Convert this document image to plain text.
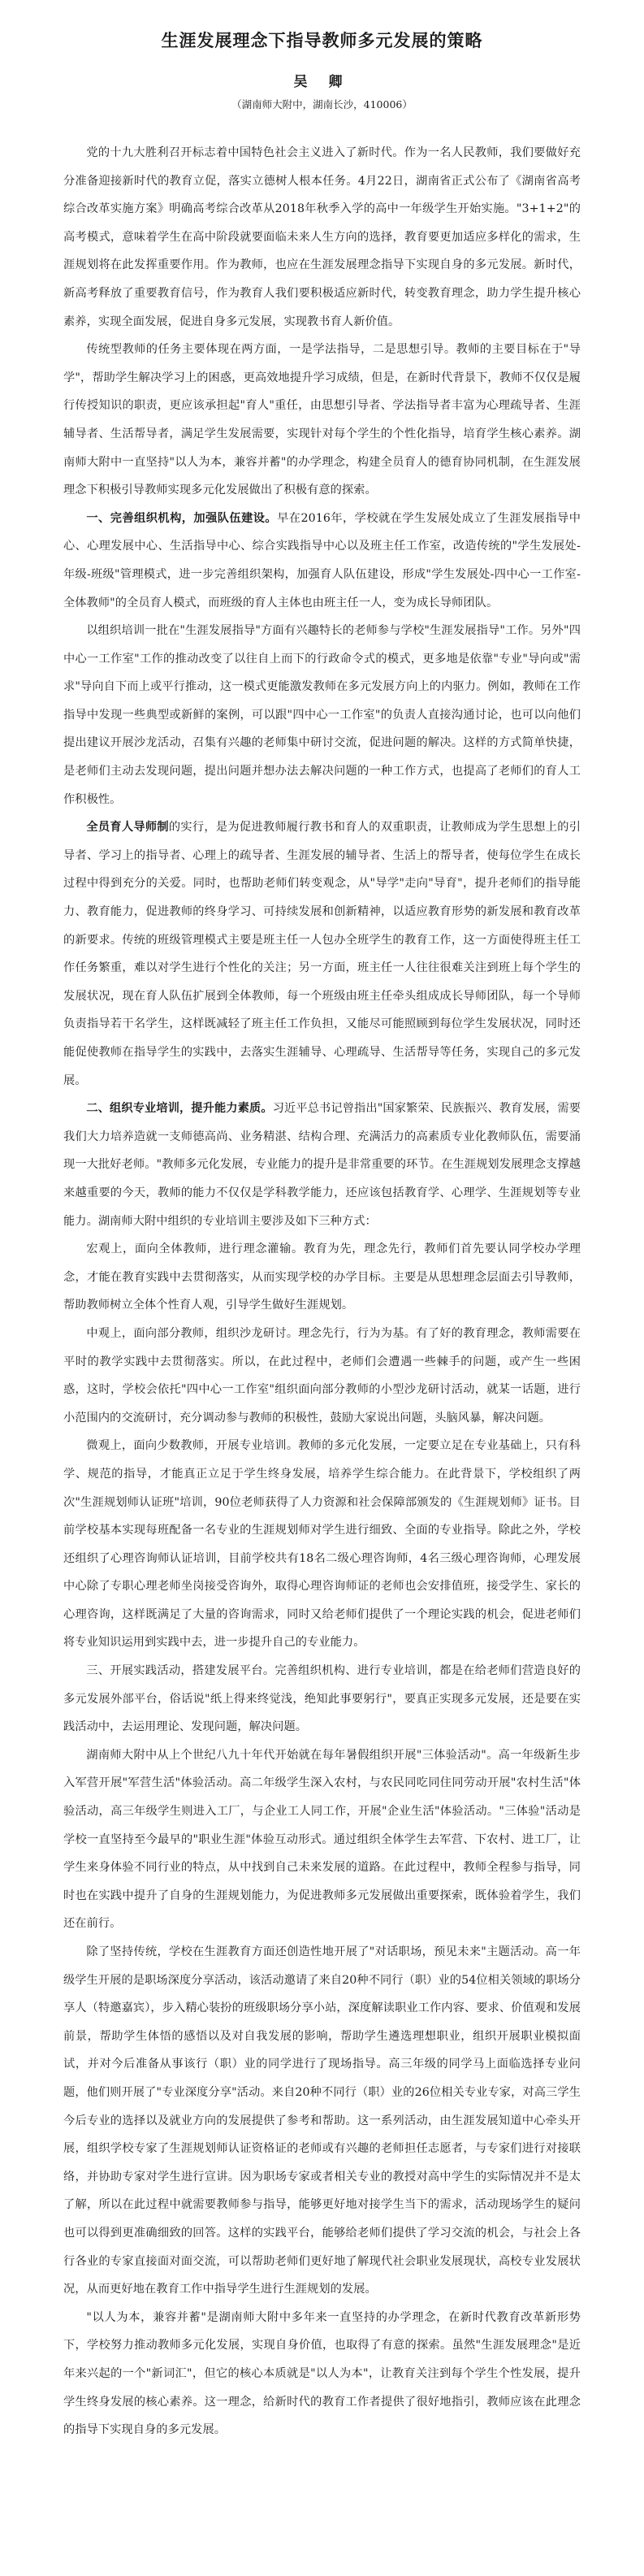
生涯发展理念下指导教师多元发展的策略
吴 卿
（湖南师大附中，湖南长沙，410006）

党的十九大胜利召开标志着中国特色社会主义进入了新时代。作为一名人民教师，我们要做好充分准备迎接新时代的教育立促，落实立德树人根本任务。4月22日，湖南省正式公布了《湖南省高考综合改革实施方案》明确高考综合改革从2018年秋季入学的高中一年级学生开始实施。"3+1+2"的高考模式，意味着学生在高中阶段就要面临未来人生方向的选择，教育要更加适应多样化的需求，生涯规划将在此发挥重要作用。作为教师，也应在生涯发展理念指导下实现自身的多元发展。新时代，新高考释放了重要教育信号，作为教育人我们要积极适应新时代，转变教育理念，助力学生提升核心素养，实现全面发展，促进自身多元发展，实现教书育人新价值。

传统型教师的任务主要体现在两方面，一是学法指导，二是思想引导。教师的主要目标在于"导学"，帮助学生解决学习上的困惑，更高效地提升学习成绩，但是，在新时代背景下，教师不仅仅是履行传授知识的职责，更应该承担起"育人"重任，由思想引导者、学法指导者丰富为心理疏导者、生涯辅导者、生活帮导者，满足学生发展需要，实现针对每个学生的个性化指导，培育学生核心素养。湖南师大附中一直坚持"以人为本，兼容并蓄"的办学理念，构建全员育人的德育协同机制，在生涯发展理念下积极引导教师实现多元化发展做出了积极有意的探索。

一、完善组织机构，加强队伍建设。早在2016年，学校就在学生发展处成立了生涯发展指导中心、心理发展中心、生活指导中心、综合实践指导中心以及班主任工作室，改造传统的"学生发展处-年级-班级"管理模式，进一步完善组织架构，加强育人队伍建设，形成"学生发展处-四中心一工作室-全体教师"的全员育人模式，而班级的育人主体也由班主任一人，变为成长导师团队。

以组织培训一批在"生涯发展指导"方面有兴趣特长的老师参与学校"生涯发展指导"工作。另外"四中心一工作室"工作的推动改变了以往自上而下的行政命令式的模式，更多地是依靠"专业"导向或"需求"导向自下而上或平行推动，这一模式更能激发教师在多元发展方向上的内驱力。例如，教师在工作指导中发现一些典型或新鲜的案例，可以跟"四中心一工作室"的负责人直接沟通讨论，也可以向他们提出建议开展沙龙活动，召集有兴趣的老师集中研讨交流，促进问题的解决。这样的方式简单快捷，是老师们主动去发现问题，提出问题并想办法去解决问题的一种工作方式，也提高了老师们的育人工作积极性。

全员育人导师制的实行，是为促进教师履行教书和育人的双重职责，让教师成为学生思想上的引导者、学习上的指导者、心理上的疏导者、生涯发展的辅导者、生活上的帮导者，使每位学生在成长过程中得到充分的关爱。同时，也帮助老师们转变观念，从"导学"走向"导育"，提升老师们的指导能力、教育能力，促进教师的终身学习、可持续发展和创新精神，以适应教育形势的新发展和教育改革的新要求。传统的班级管理模式主要是班主任一人包办全班学生的教育工作，这一方面使得班主任工作任务繁重，难以对学生进行个性化的关注；另一方面，班主任一人往往很难关注到班上每个学生的发展状况，现在育人队伍扩展到全体教师，每一个班级由班主任牵头组成成长导师团队，每一个导师负责指导若干名学生，这样既减轻了班主任工作负担，又能尽可能照顾到每位学生发展状况，同时还能促使教师在指导学生的实践中，去落实生涯辅导、心理疏导、生活帮导等任务，实现自己的多元发展。

二、组织专业培训，提升能力素质。习近平总书记曾指出"国家繁荣、民族振兴、教育发展，需要我们大力培养造就一支师德高尚、业务精湛、结构合理、充满活力的高素质专业化教师队伍，需要涌现一大批好老师。"教师多元化发展，专业能力的提升是非常重要的环节。在生涯规划发展理念支撑越来越重要的今天，教师的能力不仅仅是学科教学能力，还应该包括教育学、心理学、生涯规划等专业能力。湖南师大附中组织的专业培训主要涉及如下三种方式：

宏观上，面向全体教师，进行理念灌输。教育为先，理念先行，教师们首先要认同学校办学理念，才能在教育实践中去贯彻落实，从而实现学校的办学目标。主要是从思想理念层面去引导教师，帮助教师树立全体个性育人观，引导学生做好生涯规划。

中观上，面向部分教师，组织沙龙研讨。理念先行，行为为基。有了好的教育理念，教师需要在平时的教学实践中去贯彻落实。所以，在此过程中，老师们会遭遇一些棘手的问题，或产生一些困惑，这时，学校会依托"四中心一工作室"组织面向部分教师的小型沙龙研讨活动，就某一话题，进行小范围内的交流研讨，充分调动参与教师的积极性，鼓励大家说出问题，头脑风暴，解决问题。

微观上，面向少数教师，开展专业培训。教师的多元化发展，一定要立足在专业基础上，只有科学、规范的指导，才能真正立足于学生终身发展，培养学生综合能力。在此背景下，学校组织了两次"生涯规划师认证班"培训，90位老师获得了人力资源和社会保障部颁发的《生涯规划师》证书。目前学校基本实现每班配备一名专业的生涯规划师对学生进行细致、全面的专业指导。除此之外，学校还组织了心理咨询师认证培训，目前学校共有18名二级心理咨询师，4名三级心理咨询师，心理发展中心除了专职心理老师坐岗接受咨询外，取得心理咨询师证的老师也会安排值班，接受学生、家长的心理咨询，这样既满足了大量的咨询需求，同时又给老师们提供了一个理论实践的机会，促进老师们将专业知识运用到实践中去，进一步提升自己的专业能力。

三、开展实践活动，搭建发展平台。完善组织机构、进行专业培训，都是在给老师们营造良好的多元发展外部平台，俗话说"纸上得来终觉浅，绝知此事要躬行"，要真正实现多元发展，还是要在实践活动中，去运用理论、发现问题，解决问题。

湖南师大附中从上个世纪八九十年代开始就在每年暑假组织开展"三体验活动"。高一年级新生步入军营开展"军营生活"体验活动。高二年级学生深入农村，与农民同吃同住同劳动开展"农村生活"体验活动，高三年级学生则进入工厂，与企业工人同工作，开展"企业生活"体验活动。"三体验"活动是学校一直坚持至今最早的"职业生涯"体验互动形式。通过组织全体学生去军营、下农村、进工厂，让学生来身体验不同行业的特点，从中找到自己未来发展的道路。在此过程中，教师全程参与指导，同时也在实践中提升了自身的生涯规划能力，为促进教师多元发展做出重要探索，既体验着学生，我们还在前行。

除了坚持传统，学校在生涯教育方面还创造性地开展了"对话职场，预见未来"主题活动。高一年级学生开展的是职场深度分享活动，该活动邀请了来自20种不同行（职）业的54位相关领域的职场分享人（特邀嘉宾），步入精心装扮的班级职场分享小站，深度解读职业工作内容、要求、价值观和发展前景，帮助学生体悟的感悟以及对自我发展的影响，帮助学生遴选理想职业，组织开展职业模拟面试，并对今后准备从事该行（职）业的同学进行了现场指导。高三年级的同学马上面临选择专业问题，他们则开展了"专业深度分享"活动。来自20种不同行（职）业的26位相关专业专家，对高三学生今后专业的选择以及就业方向的发展提供了参考和帮助。这一系列活动，由生涯发展知道中心牵头开展，组织学校专家了生涯规划师认证资格证的老师或有兴趣的老师担任志愿者，与专家们进行对接联络，并协助专家对学生进行宣讲。因为职场专家或者相关专业的教授对高中学生的实际情况并不是太了解，所以在此过程中就需要教师参与指导，能够更好地对接学生当下的需求，活动现场学生的疑问也可以得到更准确细致的回答。这样的实践平台，能够给老师们提供了学习交流的机会，与社会上各行各业的专家直接面对面交流，可以帮助老师们更好地了解现代社会职业发展现状，高校专业发展状况，从而更好地在教育工作中指导学生进行生涯规划的发展。

"以人为本，兼容并蓄"是湖南师大附中多年来一直坚持的办学理念，在新时代教育改革新形势下，学校努力推动教师多元化发展，实现自身价值，也取得了有意的探索。虽然"生涯发展理念"是近年来兴起的一个"新词汇"，但它的核心本质就是"以人为本"，让教育关注到每个学生个性发展，提升学生终身发展的核心素养。这一理念，给新时代的教育工作者提供了很好地指引，教师应该在此理念的指导下实现自身的多元发展。
